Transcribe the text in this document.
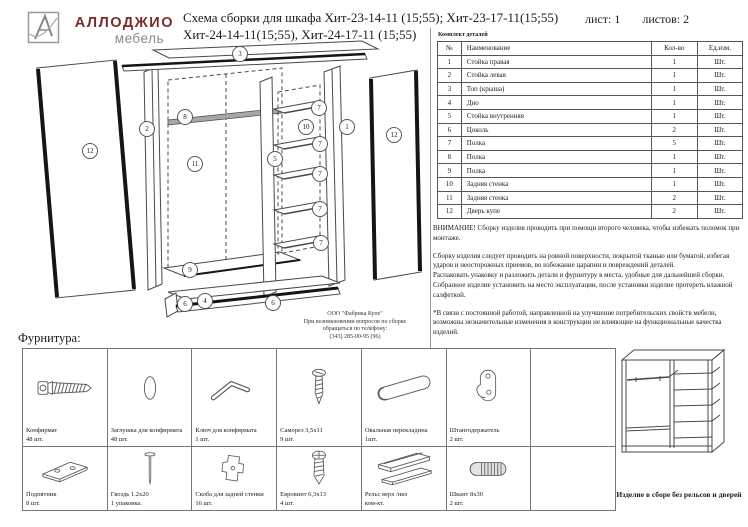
АЛЛОДЖИО
мебель
Схема сборки для шкафа Хит-23-14-11 (15;55); Хит-23-17-11(15;55)
Хит-24-14-11(15;55), Хит-24-17-11 (15;55)
лист: 1 листов: 2
12
2
8
11
3
5
10
7
7
7
7
7
1
12
9
6	4	6
ООО "Фабрика Купе"
При возникновении вопросов по сборке
обращаться по телефону:
(343) 285-00-95 (96)
Комплект деталей
№	Наименование	Кол-во	Ед.изм.
1	Стойка правая	1	Шт.
2	Стойка левая	1	Шт.
3	Топ (крыша)	1	Шт.
4	Дно	1	Шт.
5	Стойка внутренняя	1	Шт.
6	Цоколь	2	Шт.
7	Полка	5	Шт.
8	Полка	1	Шт.
9	Полка	1	Шт.
10	Задняя стенка	1	Шт.
11	Задняя стенка	2	Шт.
12	Дверь купе	2	Шт.
ВНИМАНИЕ! Сборку изделия проводить при помощи второго человека, чтобы избежать поломок при монтаже.
Сборку изделия следует проводить на ровной поверхности, покрытой тканью или бумагой, избегая ударов и неосторожных приемов, во избежание царапин и повреждений деталей.
Распаковать упаковку и разложить детали и фурнитуру в места, удобные для дальнейшей сборки.
Собранное изделие установить на место эксплуатации, после установки изделие протереть влажной салфеткой.
*В связи с постоянной работой, направленной на улучшение потребительских свойств мебели, возможны незначительные изменения в конструкции не влияющие на функциональные качества изделий.
Фурнитура:
Конфирмат
48 шт.
Заглушка для конфирмата
48 шт.
Ключ для конфирмата
1 шт.
Саморез 3,5х11
9 шт.
Овальная перекладина
1шт.
Штангодержатель
2 шт.
Подпятник
8 шт.
Гвоздь 1.2х20
1 упаковка.
Скоба для задней стенки
16 шт.
Евровинт 6,3х13
4 шт.
Рельс верх /низ
ком-кт.
Шкант 8х30
2 шт.
Изделие в сборе без рельсов и дверей
